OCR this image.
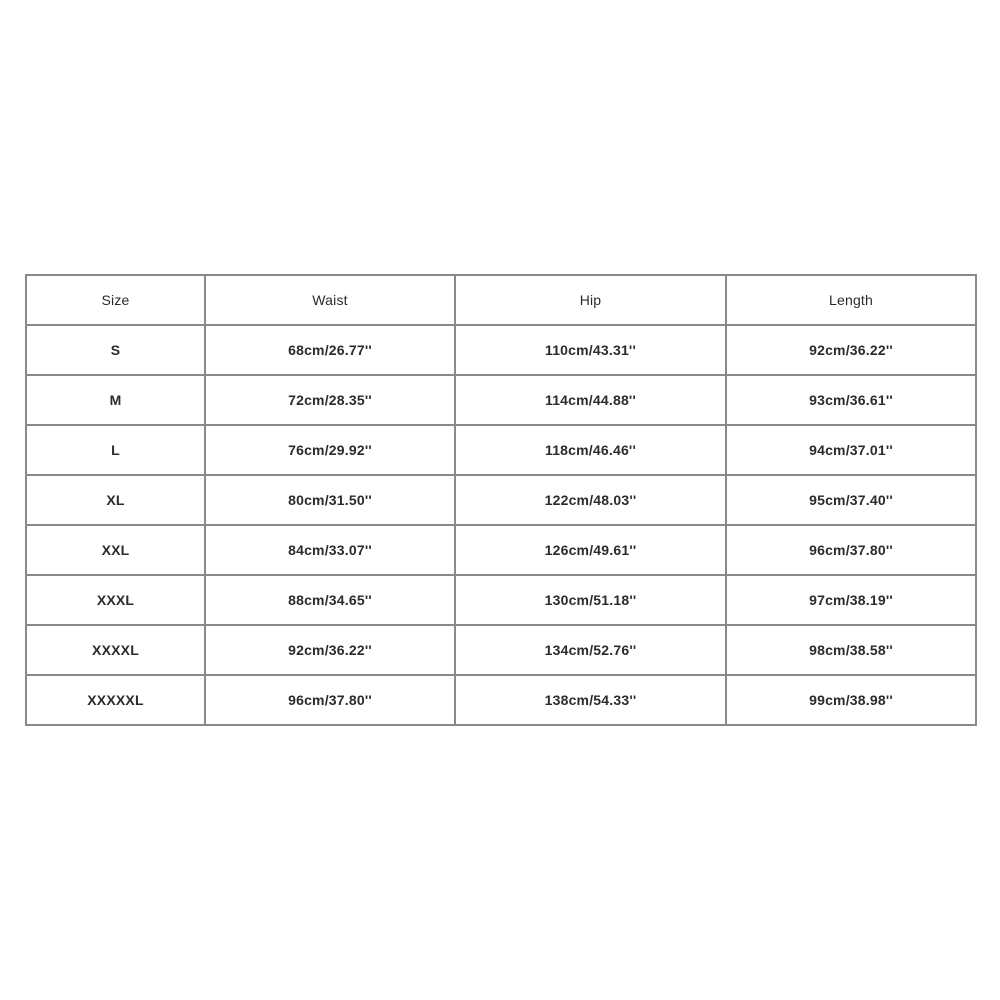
Size	Waist	Hip	Length
S	68cm/26.77''	110cm/43.31''	92cm/36.22''
M	72cm/28.35''	114cm/44.88''	93cm/36.61''
L	76cm/29.92''	118cm/46.46''	94cm/37.01''
XL	80cm/31.50''	122cm/48.03''	95cm/37.40''
XXL	84cm/33.07''	126cm/49.61''	96cm/37.80''
XXXL	88cm/34.65''	130cm/51.18''	97cm/38.19''
XXXXL	92cm/36.22''	134cm/52.76''	98cm/38.58''
XXXXXL	96cm/37.80''	138cm/54.33''	99cm/38.98''
